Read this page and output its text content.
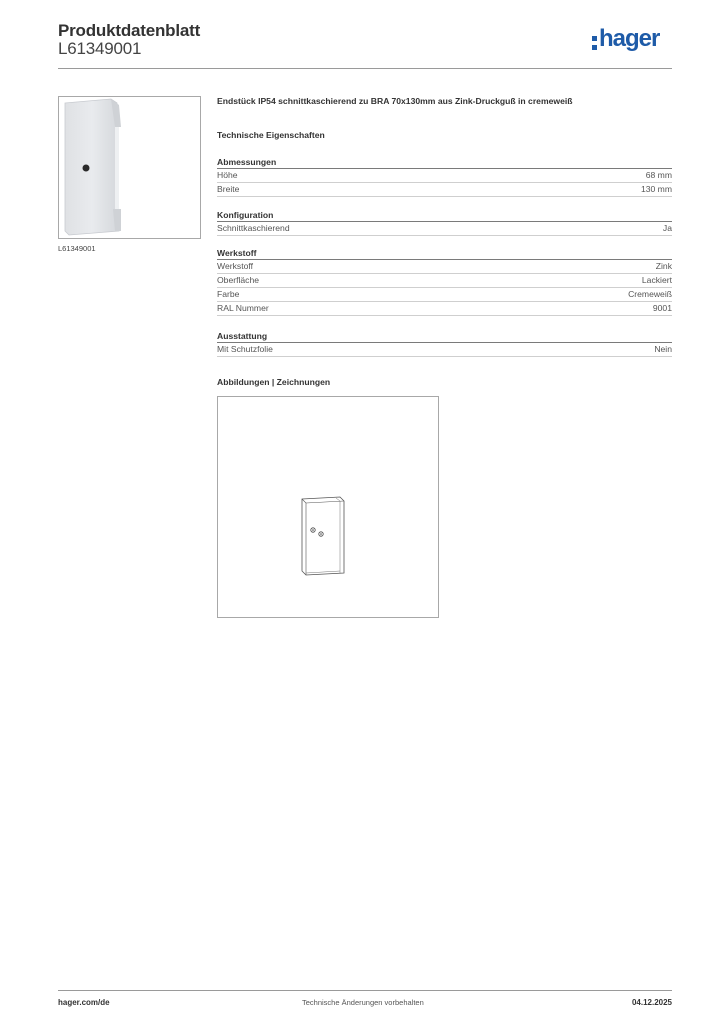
Produktdatenblatt
L61349001	hager
L61349001
Endstück IP54 schnittkaschierend zu BRA 70x130mm aus Zink-Druckguß in cremeweiß
Technische Eigenschaften
Abmessungen
Höhe	68 mm
Breite	130 mm
Konfiguration
Schnittkaschierend	Ja
Werkstoff
Werkstoff	Zink
Oberfläche	Lackiert
Farbe	Cremeweiß
RAL Nummer	9001
Ausstattung
Mit Schutzfolie	Nein
Abbildungen | Zeichnungen
hager.com/de	Technische Änderungen vorbehalten	04.12.2025
